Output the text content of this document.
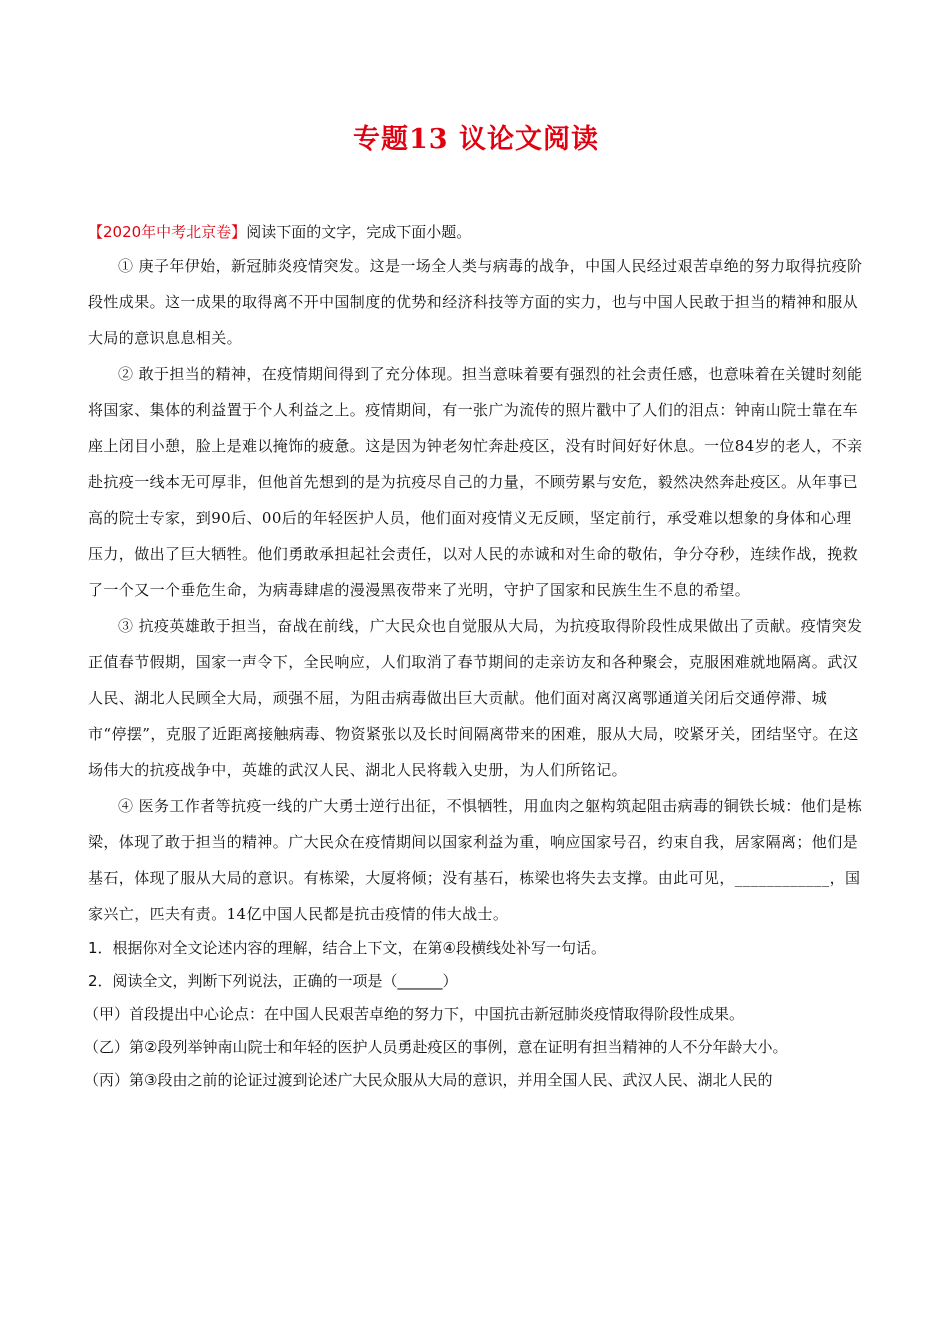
专题13 议论文阅读
【2020年中考北京卷】阅读下面的文字，完成下面小题。

① 庚子年伊始，新冠肺炎疫情突发。这是一场全人类与病毒的战争，中国人民经过艰苦卓绝的努力取得抗疫阶段性成果。这一成果的取得离不开中国制度的优势和经济科技等方面的实力，也与中国人民敢于担当的精神和服从大局的意识息息相关。

② 敢于担当的精神，在疫情期间得到了充分体现。担当意味着要有强烈的社会责任感，也意味着在关键时刻能将国家、集体的利益置于个人利益之上。疫情期间，有一张广为流传的照片戳中了人们的泪点：钟南山院士靠在车座上闭目小憩，脸上是难以掩饰的疲惫。这是因为钟老匆忙奔赴疫区，没有时间好好休息。一位84岁的老人，不亲赴抗疫一线本无可厚非，但他首先想到的是为抗疫尽自己的力量，不顾劳累与安危，毅然决然奔赴疫区。从年事已高的院士专家，到90后、00后的年轻医护人员，他们面对疫情义无反顾，坚定前行，承受难以想象的身体和心理压力，做出了巨大牺牲。他们勇敢承担起社会责任，以对人民的赤诚和对生命的敬佑，争分夺秒，连续作战，挽救了一个又一个垂危生命，为病毒肆虐的漫漫黑夜带来了光明，守护了国家和民族生生不息的希望。

③ 抗疫英雄敢于担当，奋战在前线，广大民众也自觉服从大局，为抗疫取得阶段性成果做出了贡献。疫情突发正值春节假期，国家一声令下，全民响应，人们取消了春节期间的走亲访友和各种聚会，克服困难就地隔离。武汉人民、湖北人民顾全大局，顽强不屈，为阻击病毒做出巨大贡献。他们面对离汉离鄂通道关闭后交通停滞、城市“停摆”，克服了近距离接触病毒、物资紧张以及长时间隔离带来的困难，服从大局，咬紧牙关，团结坚守。在这场伟大的抗疫战争中，英雄的武汉人民、湖北人民将载入史册，为人们所铭记。

④ 医务工作者等抗疫一线的广大勇士逆行出征，不惧牺牲，用血肉之躯构筑起阻击病毒的铜铁长城：他们是栋梁，体现了敢于担当的精神。广大民众在疫情期间以国家利益为重，响应国家号召，约束自我，居家隔离；他们是基石，体现了服从大局的意识。有栋梁，大厦将倾；没有基石，栋梁也将失去支撑。由此可见，____________，国家兴亡，匹夫有责。14亿中国人民都是抗击疫情的伟大战士。

1．根据你对全文论述内容的理解，结合上下文，在第④段横线处补写一句话。

2．阅读全文，判断下列说法，正确的一项是（______）

（甲）首段提出中心论点：在中国人民艰苦卓绝的努力下，中国抗击新冠肺炎疫情取得阶段性成果。

（乙）第②段列举钟南山院士和年轻的医护人员勇赴疫区的事例，意在证明有担当精神的人不分年龄大小。

（丙）第③段由之前的论证过渡到论述广大民众服从大局的意识，并用全国人民、武汉人民、湖北人民的
